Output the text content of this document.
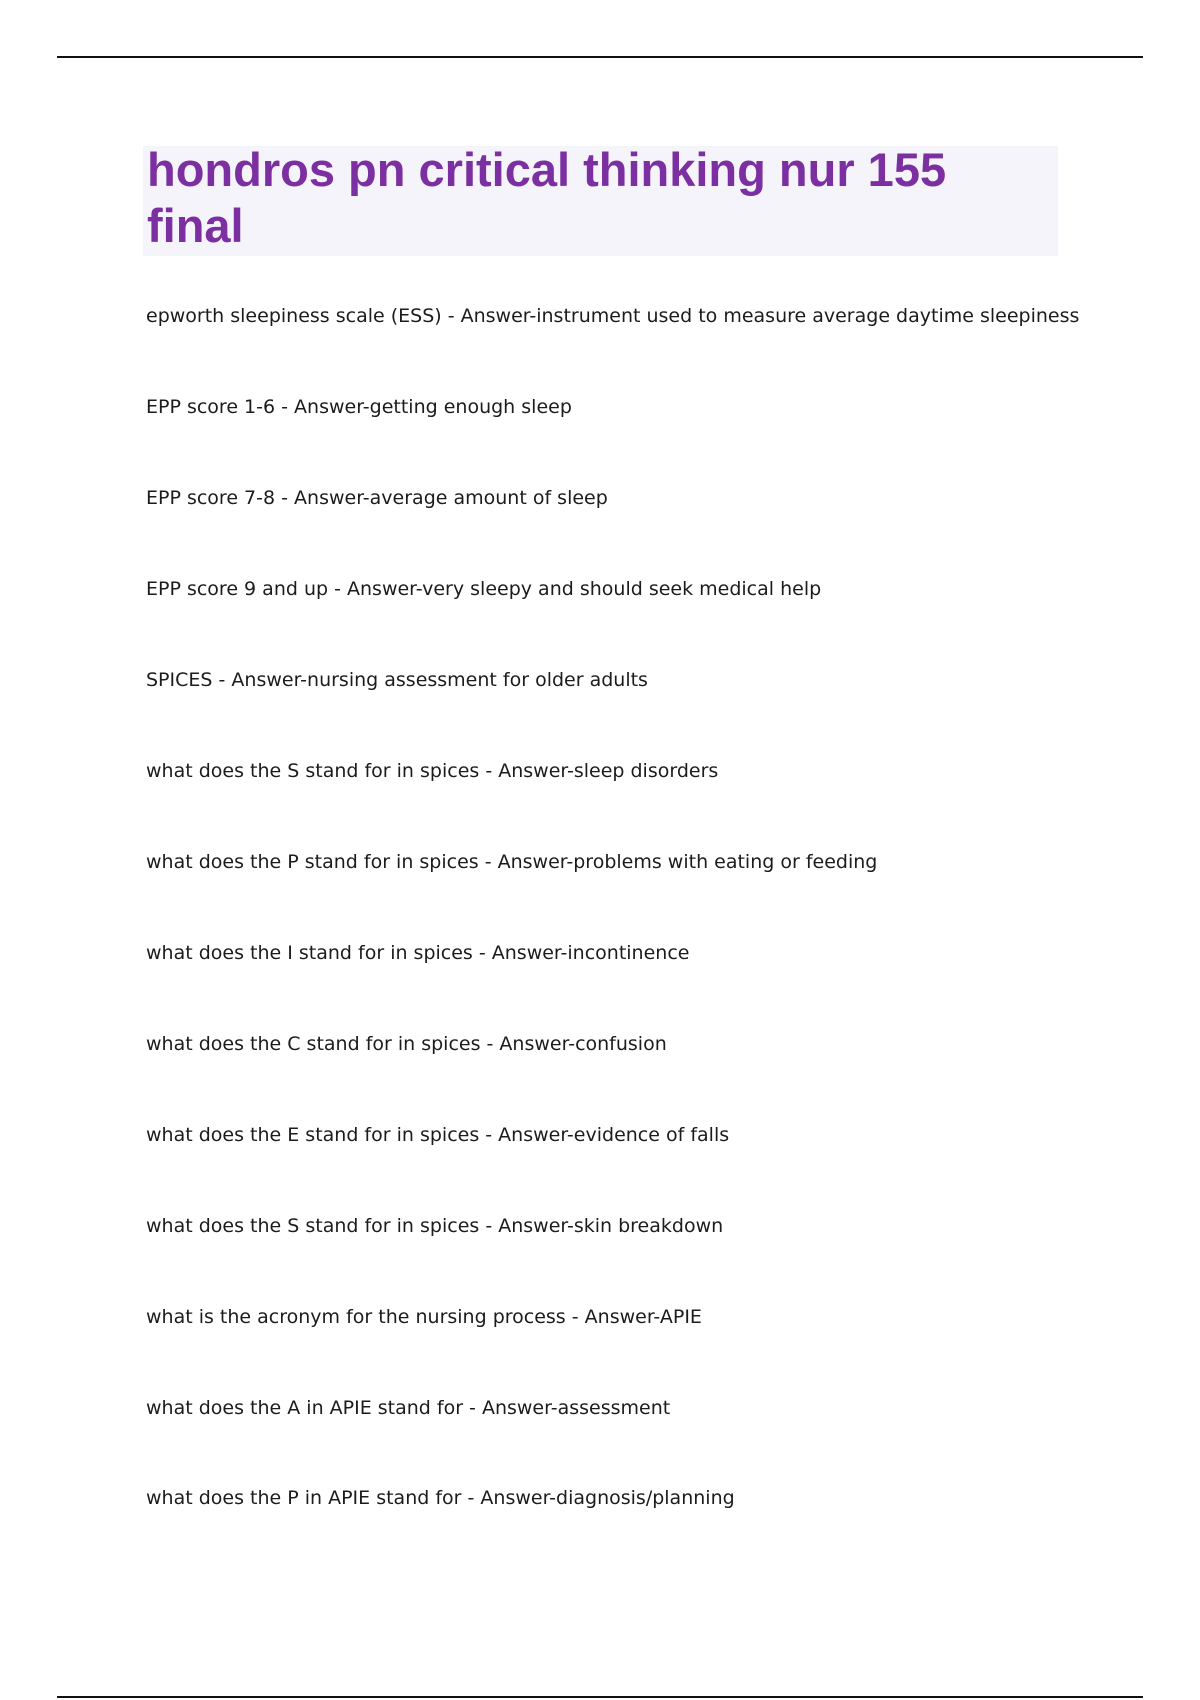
hondros pn critical thinking nur 155 final

epworth sleepiness scale (ESS) - Answer-instrument used to measure average daytime sleepiness

EPP score 1-6 - Answer-getting enough sleep

EPP score 7-8 - Answer-average amount of sleep

EPP score 9 and up - Answer-very sleepy and should seek medical help

SPICES - Answer-nursing assessment for older adults

what does the S stand for in spices - Answer-sleep disorders

what does the P stand for in spices - Answer-problems with eating or feeding

what does the I stand for in spices - Answer-incontinence

what does the C stand for in spices - Answer-confusion

what does the E stand for in spices - Answer-evidence of falls

what does the S stand for in spices - Answer-skin breakdown

what is the acronym for the nursing process - Answer-APIE

what does the A in APIE stand for - Answer-assessment

what does the P in APIE stand for - Answer-diagnosis/planning
